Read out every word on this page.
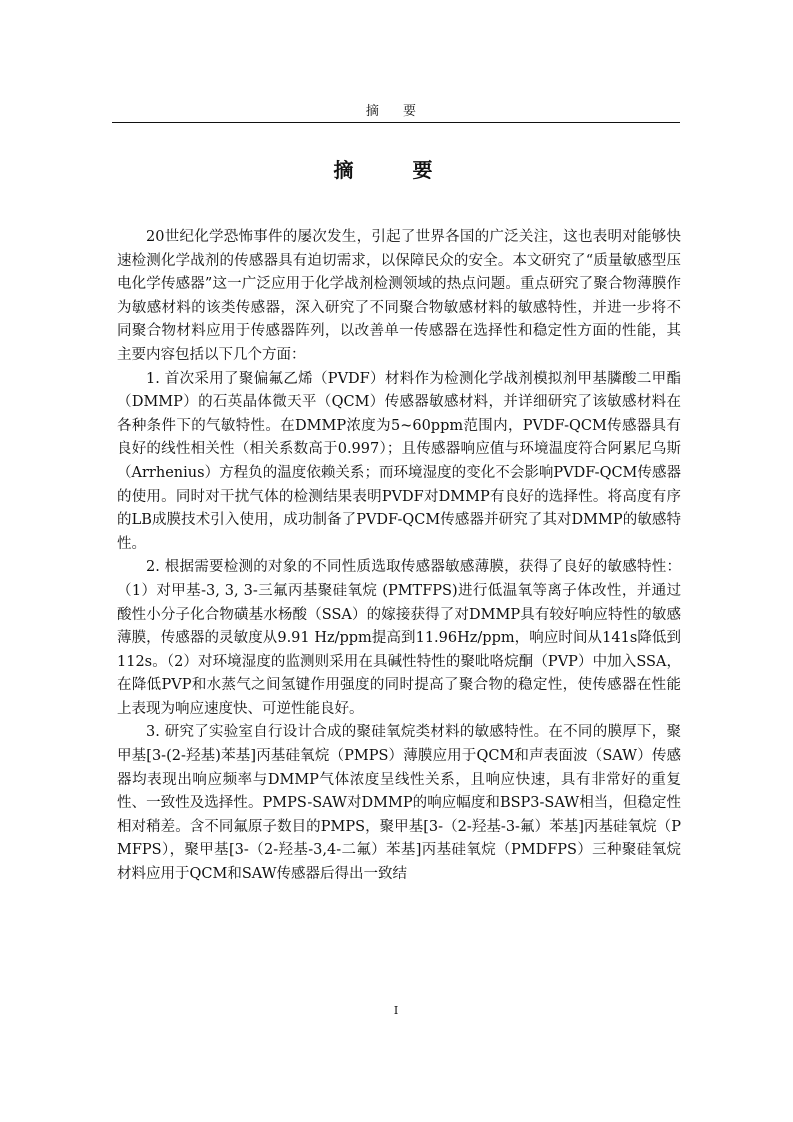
摘 要
摘 要

20世纪化学恐怖事件的屡次发生，引起了世界各国的广泛关注，这也表明对能够快速检测化学战剂的传感器具有迫切需求，以保障民众的安全。本文研究了“质量敏感型压电化学传感器”这一广泛应用于化学战剂检测领域的热点问题。重点研究了聚合物薄膜作为敏感材料的该类传感器，深入研究了不同聚合物敏感材料的敏感特性，并进一步将不同聚合物材料应用于传感器阵列，以改善单一传感器在选择性和稳定性方面的性能，其主要内容包括以下几个方面：

1. 首次采用了聚偏氟乙烯（PVDF）材料作为检测化学战剂模拟剂甲基膦酸二甲酯（DMMP）的石英晶体微天平（QCM）传感器敏感材料，并详细研究了该敏感材料在各种条件下的气敏特性。在DMMP浓度为5~60ppm范围内，PVDF-QCM传感器具有良好的线性相关性（相关系数高于0.997）；且传感器响应值与环境温度符合阿累尼乌斯（Arrhenius）方程负的温度依赖关系；而环境湿度的变化不会影响PVDF-QCM传感器的使用。同时对干扰气体的检测结果表明PVDF对DMMP有良好的选择性。将高度有序的LB成膜技术引入使用，成功制备了PVDF-QCM传感器并研究了其对DMMP的敏感特性。

2. 根据需要检测的对象的不同性质选取传感器敏感薄膜，获得了良好的敏感特性：（1）对甲基-3, 3, 3-三氟丙基聚硅氧烷 (PMTFPS)进行低温氧等离子体改性，并通过酸性小分子化合物磺基水杨酸（SSA）的嫁接获得了对DMMP具有较好响应特性的敏感薄膜，传感器的灵敏度从9.91 Hz/ppm提高到11.96Hz/ppm，响应时间从141s降低到112s。（2）对环境湿度的监测则采用在具碱性特性的聚吡咯烷酮（PVP）中加入SSA，在降低PVP和水蒸气之间氢键作用强度的同时提高了聚合物的稳定性，使传感器在性能上表现为响应速度快、可逆性能良好。

3. 研究了实验室自行设计合成的聚硅氧烷类材料的敏感特性。在不同的膜厚下，聚甲基[3-(2-羟基)苯基]丙基硅氧烷（PMPS）薄膜应用于QCM和声表面波（SAW）传感器均表现出响应频率与DMMP气体浓度呈线性关系，且响应快速，具有非常好的重复性、一致性及选择性。PMPS-SAW对DMMP的响应幅度和BSP3-SAW相当，但稳定性相对稍差。含不同氟原子数目的PMPS，聚甲基[3-（2-羟基-3-氟）苯基]丙基硅氧烷（PMFPS），聚甲基[3-（2-羟基-3,4-二氟）苯基]丙基硅氧烷（PMDFPS）三种聚硅氧烷材料应用于QCM和SAW传感器后得出一致结

I
